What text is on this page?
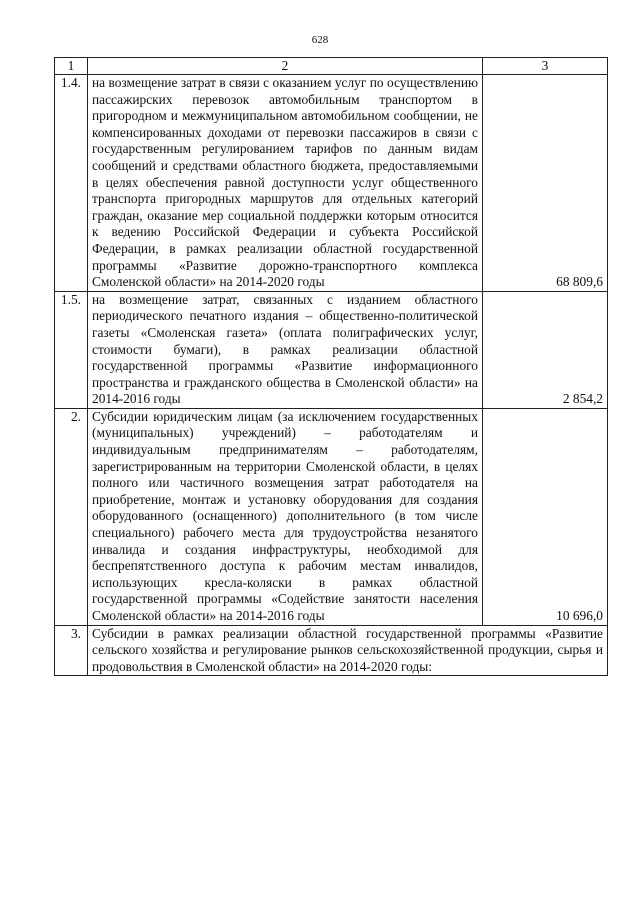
628
1	2	3
1.4.	на возмещение затрат в связи с оказанием услуг по осуществлению пассажирских перевозок автомобильным транспортом в пригородном и межмуниципальном автомобильном сообщении, не компенсированных доходами от перевозки пассажиров в связи с государственным регулированием тарифов по данным видам сообщений и средствами областного бюджета, предоставляемыми в целях обеспечения равной доступности услуг общественного транспорта пригородных маршрутов для отдельных категорий граждан, оказание мер социальной поддержки которым относится к ведению Российской Федерации и субъекта Российской Федерации, в рамках реализации областной государственной программы «Развитие дорожно-транспортного комплекса Смоленской области» на 2014-2020 годы	68 809,6
1.5.	на возмещение затрат, связанных с изданием областного периодического печатного издания – общественно-политической газеты «Смоленская газета» (оплата полиграфических услуг, стоимости бумаги), в рамках реализации областной государственной программы «Развитие информационного пространства и гражданского общества в Смоленской области» на 2014-2016 годы	2 854,2
2.	Субсидии юридическим лицам (за исключением государственных (муниципальных) учреждений) – работодателям и индивидуальным предпринимателям – работодателям, зарегистрированным на территории Смоленской области, в целях полного или частичного возмещения затрат работодателя на приобретение, монтаж и установку оборудования для создания оборудованного (оснащенного) дополнительного (в том числе специального) рабочего места для трудоустройства незанятого инвалида и создания инфраструктуры, необходимой для беспрепятственного доступа к рабочим местам инвалидов, использующих кресла-коляски в рамках областной государственной программы «Содействие занятости населения Смоленской области» на 2014-2016 годы	10 696,0
3.	Субсидии в рамках реализации областной государственной программы «Развитие сельского хозяйства и регулирование рынков сельскохозяйственной продукции, сырья и продовольствия в Смоленской области» на 2014-2020 годы:	
